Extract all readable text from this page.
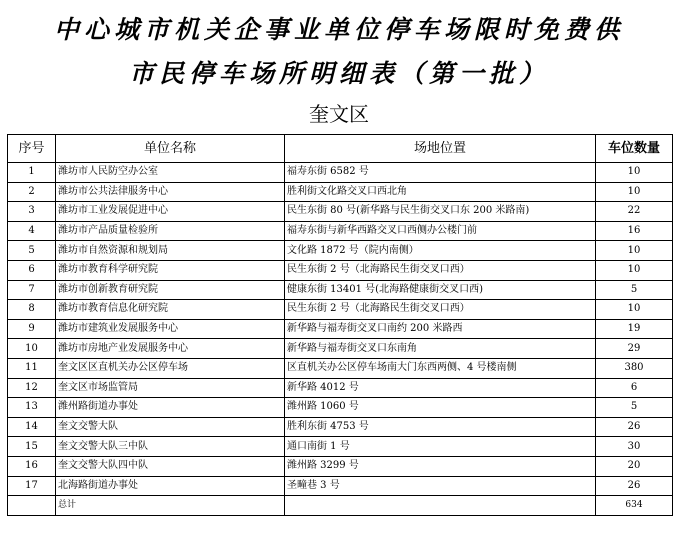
中心城市机关企事业单位停车场限时免费供
市民停车场所明细表（第一批）
奎文区
序号	单位名称	场地位置	车位数量
1	潍坊市人民防空办公室	福寿东街 6582 号	10
2	潍坊市公共法律服务中心	胜利街文化路交叉口西北角	10
3	潍坊市工业发展促进中心	民生东街 80 号(新华路与民生街交叉口东 200 米路南)	22
4	潍坊市产品质量检验所	福寿东街与新华西路交叉口西侧办公楼门前	16
5	潍坊市自然资源和规划局	文化路 1872 号（院内南侧）	10
6	潍坊市教育科学研究院	民生东街 2 号（北海路民生街交叉口西）	10
7	潍坊市创新教育研究院	健康东街 13401 号(北海路健康街交叉口西)	5
8	潍坊市教育信息化研究院	民生东街 2 号（北海路民生街交叉口西）	10
9	潍坊市建筑业发展服务中心	新华路与福寿街交叉口南约 200 米路西	19
10	潍坊市房地产业发展服务中心	新华路与福寿街交叉口东南角	29
11	奎文区区直机关办公区停车场	区直机关办公区停车场南大门东西两侧、4 号楼南侧	380
12	奎文区市场监管局	新华路 4012 号	6
13	潍州路街道办事处	潍州路 1060 号	5
14	奎文交警大队	胜利东街 4753 号	26
15	奎文交警大队三中队	通口南街 1 号	30
16	奎文交警大队四中队	潍州路 3299 号	20
17	北海路街道办事处	圣疃巷 3 号	26
	总计		634
